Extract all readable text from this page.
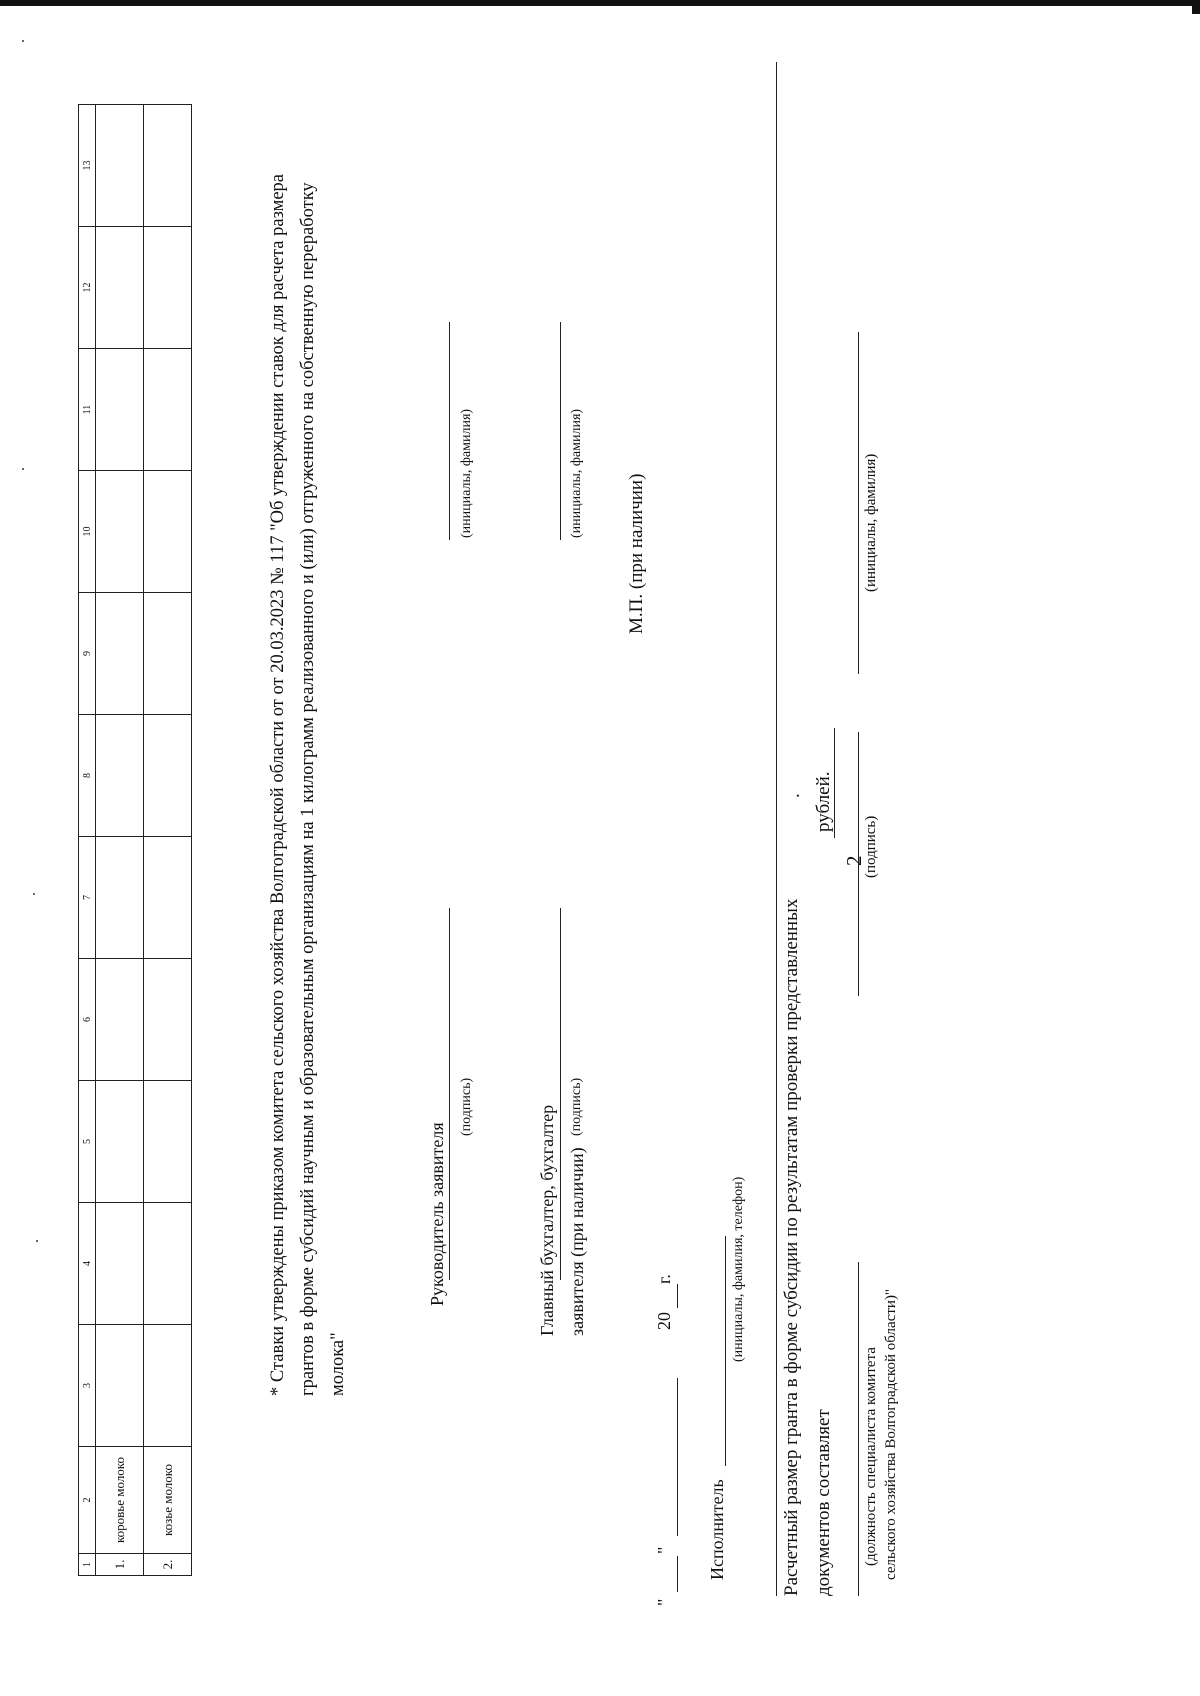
2
1	2	3	4	5	6	7	8	9	10	11	12	13
1.	коровье молоко											
2.	козье молоко											
* Ставки утверждены приказом комитета сельского хозяйства Волгоградской области от от 20.03.2023 № 117 "Об утверждении ставок для расчета размера грантов в форме субсидий научным и образовательным организациям на 1 килограмм реализованного и (или) отгруженного на собственную переработку молока"
Руководитель заявителя
(подпись)
(инициалы, фамилия)
Главный бухгалтер, бухгалтер заявителя (при наличии)
(подпись)
(инициалы, фамилия)
М.П. (при наличии)
"
"
20
г.
Исполнитель
(инициалы, фамилия, телефон) Расчетный размер гранта в форме субсидии по результатам проверки представленных документов составляет
рублей.
.
(должность специалиста комитета сельского хозяйства Волгоградской области)"
(подпись)
(инициалы, фамилия)
